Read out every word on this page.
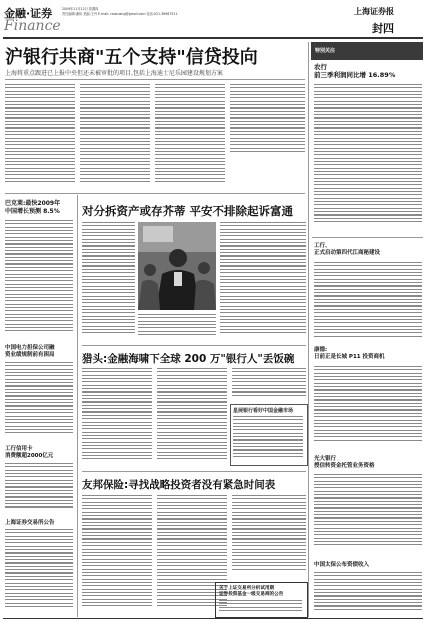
金融·证券
Finance
2009年11月12日 星期四
责任编辑:谢伟 美编:王丹 E-mail: caoxueng@gmail.com 电话:021-38967521	上海证券报
封四
沪银行共商"五个支持"信贷投向
上海将重点跟进已上报中央但还未被审批的项目,包括上海迪士尼乐园建设规划方案
特别关注
农行
前三季利润同比增 16.89%
巴克莱:最快2009年
中国增长预测 8.5%
中国电力担保公司融
资业绩规制前有困局
工行信用卡
消费额超2000亿元
上海证券交易所公告
对分拆资产或存芥蒂 平安不排除起诉富通
猎头:金融海啸下全球 200 万"银行人"丢饭碗
星展银行看好中国金融市场
友邦保险:寻找战略投资者没有紧急时间表
关于上证交易所分析试用期
证券投资基金一级交易商的公告
工行、
正式启动第四代江商秘建设
康德:
日前正是长城 P11 投资商机
光大银行
授信转资金托管业务资格
中国太保公布资债收入
